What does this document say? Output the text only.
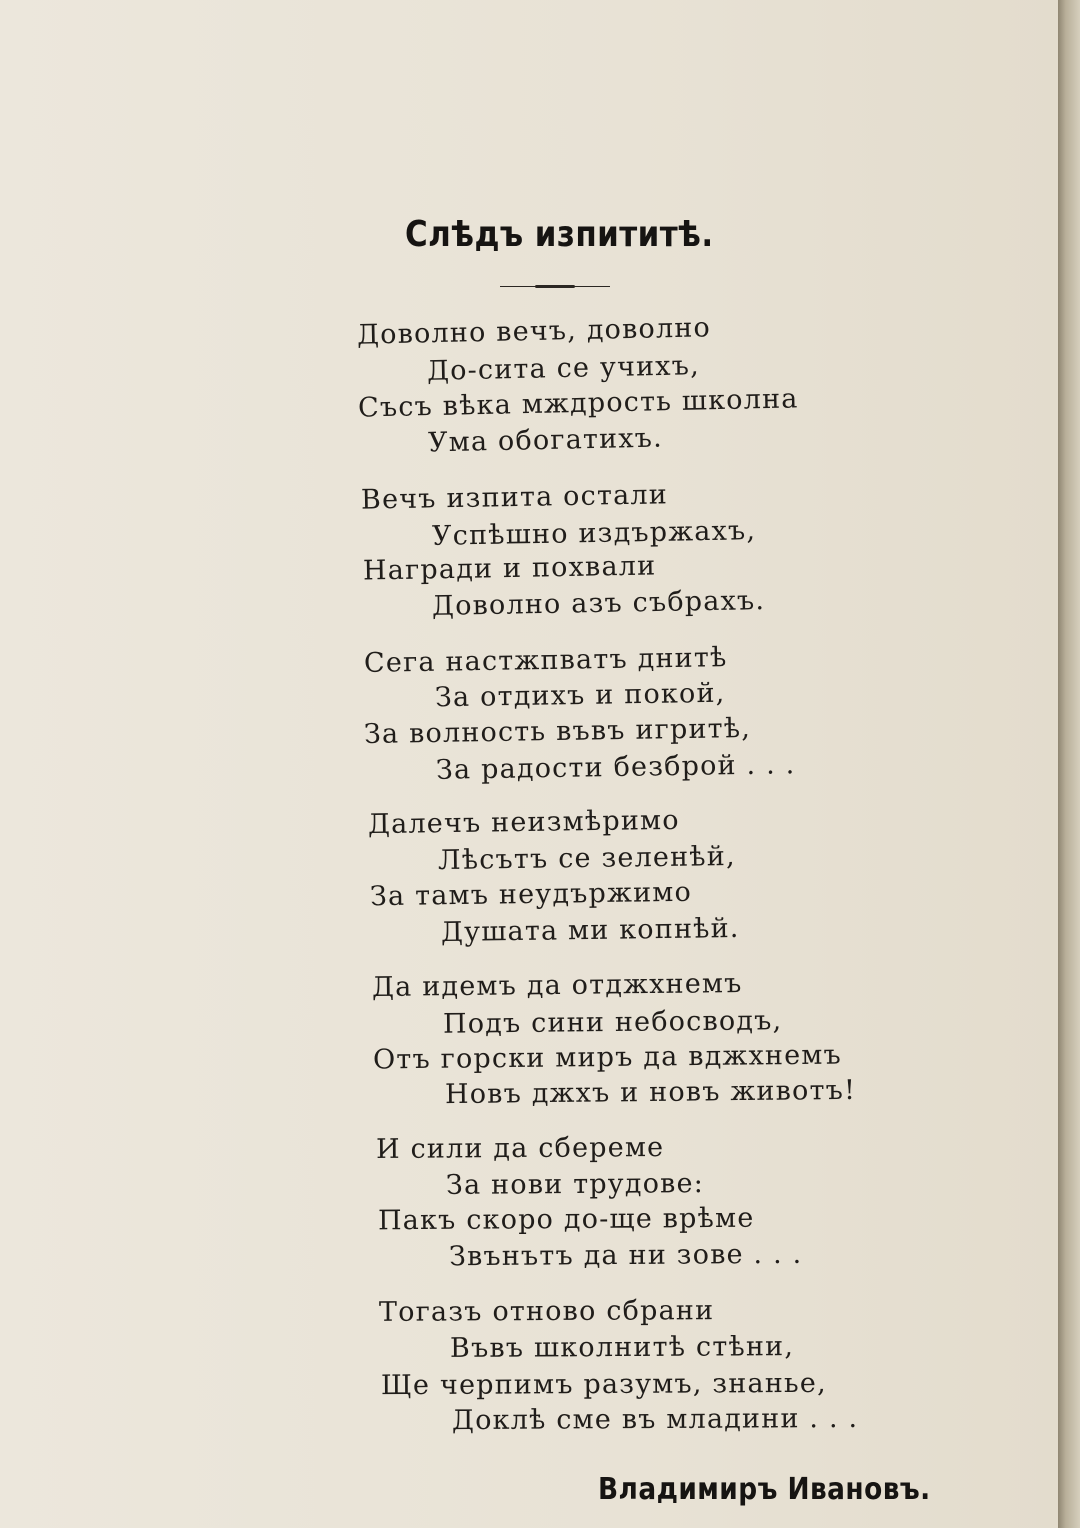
Слѣдъ изпититѣ.
Доволно вечъ, доволно
До-сита се учихъ,
Съсъ вѣка мждрость школна
Ума обогатихъ.
Вечъ изпита остали
Успѣшно издържахъ,
Награди и похвали
Доволно азъ събрахъ.
Сега настжпватъ днитѣ
За отдихъ и покой,
За волность въвъ игритѣ,
За радости безброй . . .
Далечъ неизмѣримо
Лѣсътъ се зеленѣй,
За тамъ неудържимо
Душата ми копнѣй.
Да идемъ да отджхнемъ
Подъ сини небосводъ,
Отъ горски миръ да вджхнемъ
Новъ джхъ и новъ животъ!
И сили да сбереме
За нови трудове:
Пакъ скоро до-ще врѣме
Звънътъ да ни зове . . .
Тогазъ отново сбрани
Въвъ школнитѣ стѣни,
Ще черпимъ разумъ, знанье,
Доклѣ сме въ младини . . .
Владимиръ Ивановъ.
